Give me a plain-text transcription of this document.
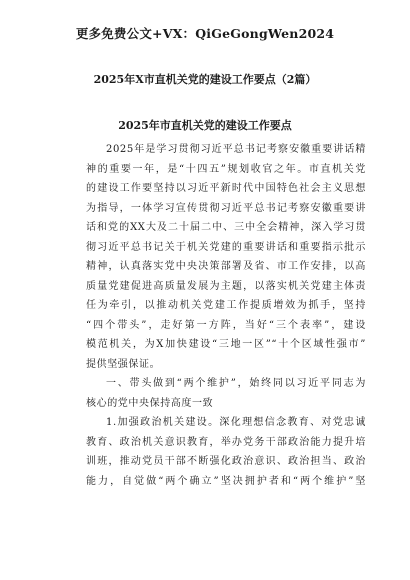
更多免费公文+VX：QiGeGongWen2024
2025年X市直机关党的建设工作要点（2篇）
2025年市直机关党的建设工作要点
2025年是学习贯彻习近平总书记考察安徽重要讲话精
神的重要一年，是“十四五”规划收官之年。市直机关党
的建设工作要坚持以习近平新时代中国特色社会主义思想
为指导，一体学习宣传贯彻习近平总书记考察安徽重要讲
话和党的XX大及二十届二中、三中全会精神，深入学习贯
彻习近平总书记关于机关党建的重要讲话和重要指示批示
精神，认真落实党中央决策部署及省、市工作安排，以高
质量党建促进高质量发展为主题，以落实机关党建主体责
任为牵引，以推动机关党建工作提质增效为抓手，坚持
“四个带头”，走好第一方阵，当好“三个表率”，建设
模范机关，为X加快建设“三地一区”“十个区域性强市”
提供坚强保证。
一、带头做到“两个维护”，始终同以习近平同志为
核心的党中央保持高度一致
1.加强政治机关建设。深化理想信念教育、对党忠诚
教育、政治机关意识教育，举办党务干部政治能力提升培
训班，推动党员干部不断强化政治意识、政治担当、政治
能力，自觉做“两个确立”坚决拥护者和“两个维护”坚
